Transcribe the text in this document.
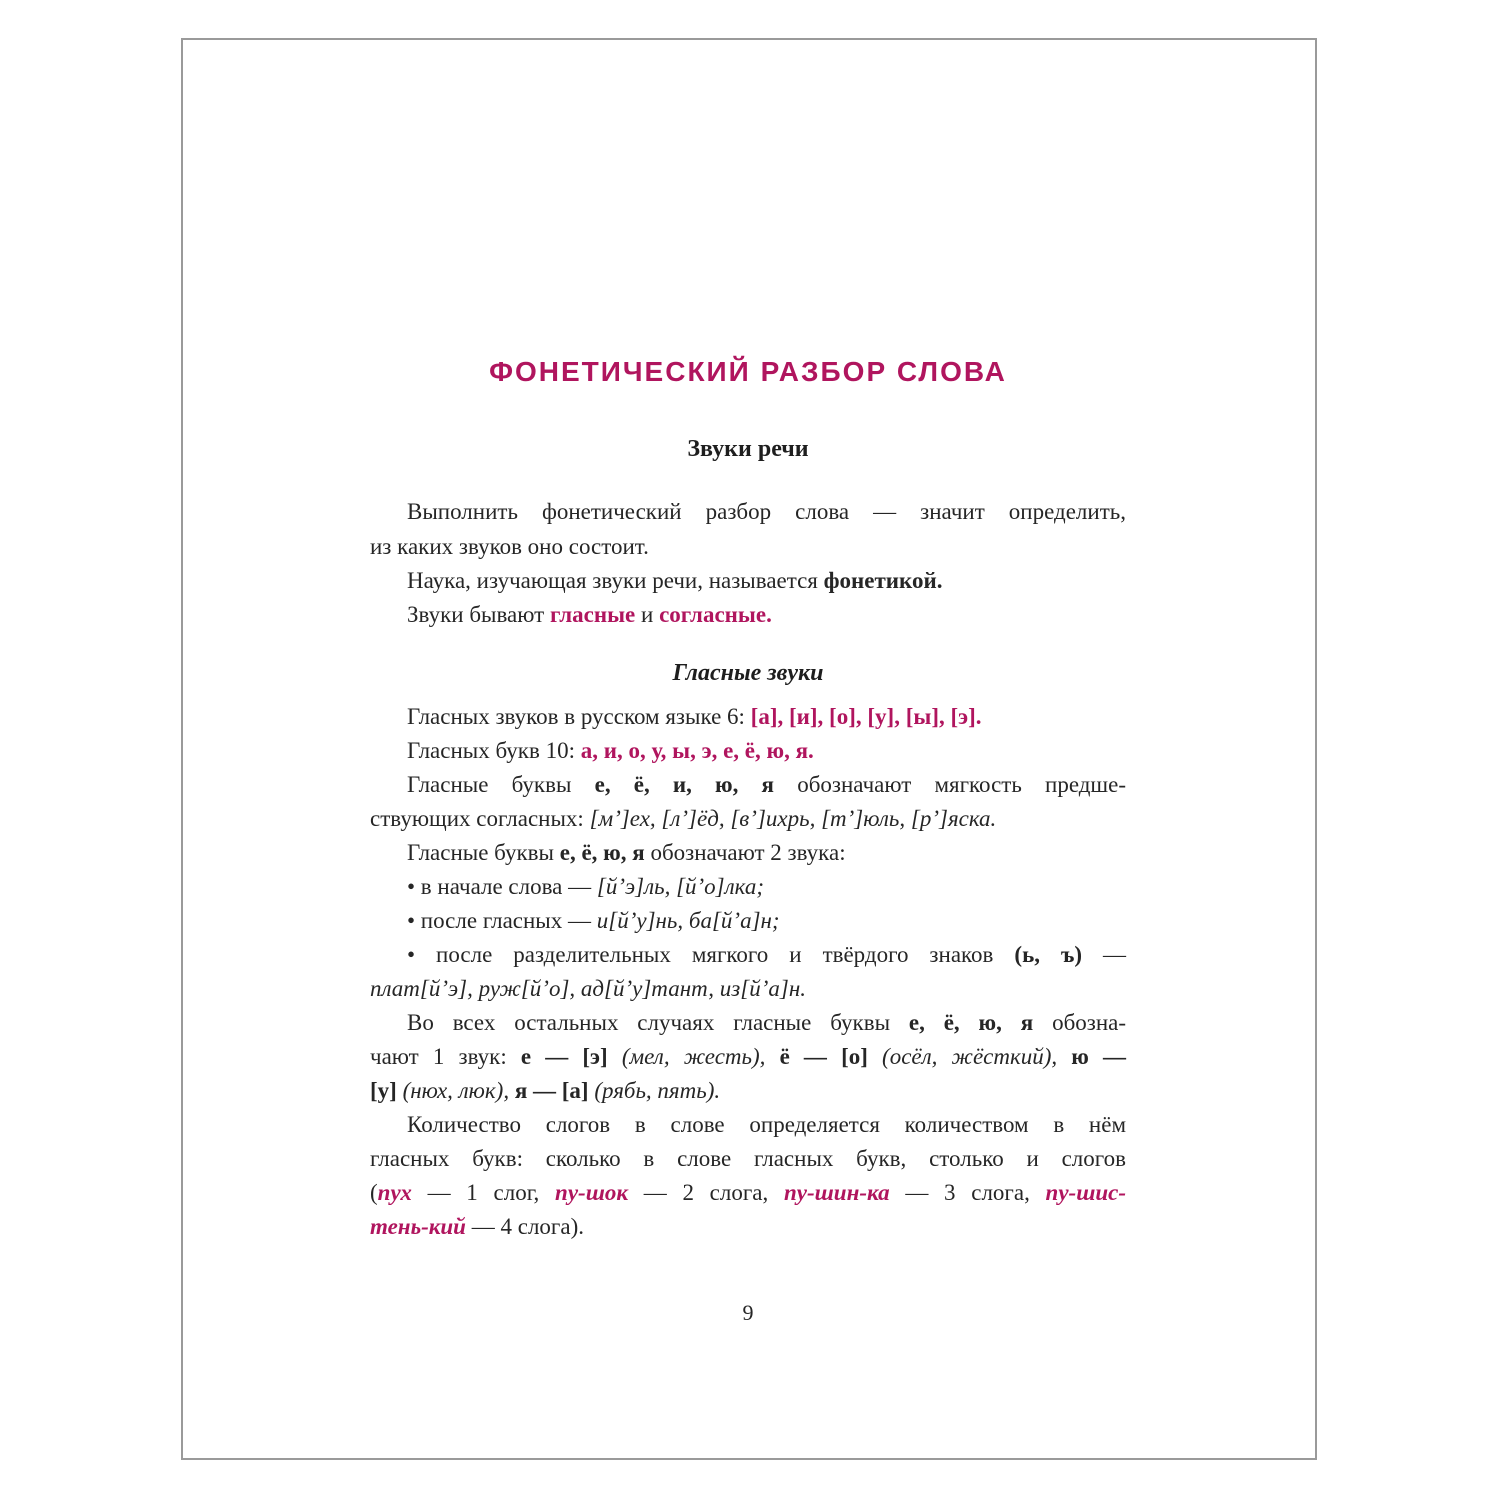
ФОНЕТИЧЕСКИЙ РАЗБОР СЛОВА
Звуки речи

Выполнить фонетический разбор слова — значит определить,

из каких звуков оно состоит.

Наука, изучающая звуки речи, называется фонетикой.

Звуки бывают гласные и согласные.

Гласные звуки

Гласных звуков в русском языке 6: [а], [и], [о], [у], [ы], [э].

Гласных букв 10: а, и, о, у, ы, э, е, ё, ю, я.

Гласные буквы е, ё, и, ю, я обозначают мягкость предше-

ствующих согласных: [м’]ех, [л’]ёд, [в’]ихрь, [т’]юль, [р’]яска.

Гласные буквы е, ё, ю, я обозначают 2 звука:

• в начале слова — [й’э]ль, [й’о]лка;

• после гласных — и[й’у]нь, ба[й’а]н;

• после разделительных мягкого и твёрдого знаков (ь, ъ) —

плат[й’э], руж[й’о], ад[й’у]тант, из[й’а]н.

Во всех остальных случаях гласные буквы е, ё, ю, я обозна-

чают 1 звук: е — [э] (мел, жесть), ё — [о] (осёл, жёсткий), ю —

[у] (нюх, люк), я — [а] (рябь, пять).

Количество слогов в слове определяется количеством в нём

гласных букв: сколько в слове гласных букв, столько и слогов

(пух — 1 слог, пу-шок — 2 слога, пу-шин-ка — 3 слога, пу-шис-

тень-кий — 4 слога).

9
